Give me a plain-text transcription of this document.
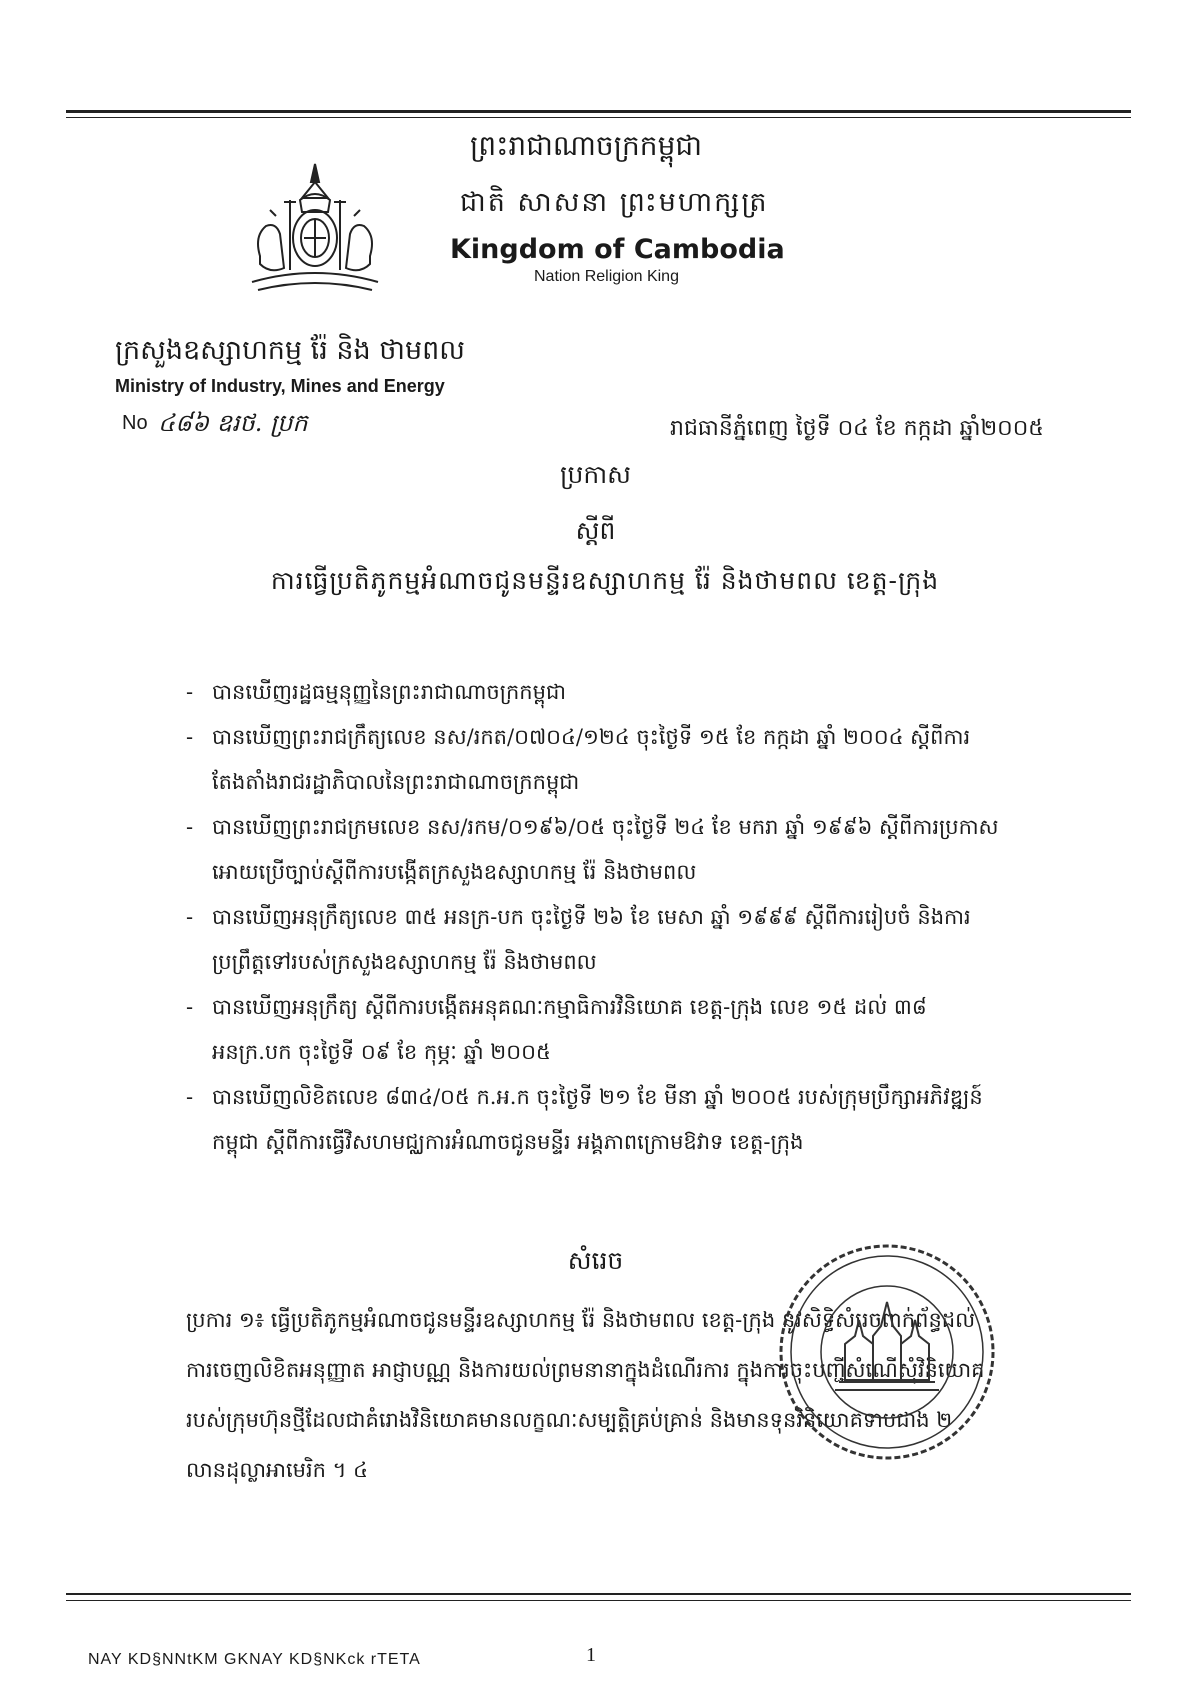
ព្រះរាជាណាចក្រកម្ពុជា
ជាតិ សាសនា ព្រះមហាក្សត្រ
Kingdom of Cambodia
Nation Religion King
ក្រសួងឧស្សាហកម្ម រ៉ែ និង ថាមពល
Ministry of Industry, Mines and Energy
No ៤៨៦ ឧរថ. ប្រក	រាជធានីភ្នំពេញ ថ្ងៃទី ០៤ ខែ កក្កដា ឆ្នាំ២០០៥
ប្រកាស
ស្តីពី
ការធ្វើប្រតិភូកម្មអំណាចជូនមន្ទីរឧស្សាហកម្ម រ៉ែ និងថាមពល ខេត្ត-ក្រុង
- បានឃើញរដ្ឋធម្មនុញ្ញនៃព្រះរាជាណាចក្រកម្ពុជា
- បានឃើញព្រះរាជក្រឹត្យលេខ នស/រកត/០៧០៤/១២៤ ចុះថ្ងៃទី ១៥ ខែ កក្កដា ឆ្នាំ ២០០៤ ស្តីពីការតែងតាំងរាជរដ្ឋាភិបាលនៃព្រះរាជាណាចក្រកម្ពុជា
- បានឃើញព្រះរាជក្រមលេខ នស/រកម/០១៩៦/០៥ ចុះថ្ងៃទី ២៤ ខែ មករា ឆ្នាំ ១៩៩៦ ស្តីពីការប្រកាសអោយប្រើច្បាប់ស្តីពីការបង្កើតក្រសួងឧស្សាហកម្ម រ៉ែ និងថាមពល
- បានឃើញអនុក្រឹត្យលេខ ៣៥ អនក្រ-បក ចុះថ្ងៃទី ២៦ ខែ មេសា ឆ្នាំ ១៩៩៩ ស្តីពីការរៀបចំ និងការប្រព្រឹត្តទៅរបស់ក្រសួងឧស្សាហកម្ម រ៉ែ និងថាមពល
- បានឃើញអនុក្រឹត្យ ស្តីពីការបង្កើតអនុគណៈកម្មាធិការវិនិយោគ ខេត្ត-ក្រុង លេខ ១៥ ដល់ ៣៨ អនក្រ.បក ចុះថ្ងៃទី ០៩ ខែ កុម្ភៈ ឆ្នាំ ២០០៥
- បានឃើញលិខិតលេខ ៨៣៤/០៥ ក.អ.ក ចុះថ្ងៃទី ២១ ខែ មីនា ឆ្នាំ ២០០៥ របស់ក្រុមប្រឹក្សាអភិវឌ្ឍន៍កម្ពុជា ស្តីពីការធ្វើវិសហមជ្ឈការអំណាចជូនមន្ទីរ អង្គភាពក្រោមឱវាទ ខេត្ត-ក្រុង
សំរេច
ប្រការ ១៖ ធ្វើប្រតិភូកម្មអំណាចជូនមន្ទីរឧស្សាហកម្ម រ៉ែ និងថាមពល ខេត្ត-ក្រុង នូវសិទ្ធិសំរេចពាក់ព័ន្ធដល់ការចេញលិខិតអនុញ្ញាត អាជ្ញាបណ្ណ និងការយល់ព្រមនានាក្នុងដំណើរការ ក្នុងការចុះបញ្ជីសំណើសុំវិនិយោគរបស់ក្រុមហ៊ុនថ្មីដែលជាគំរោងវិនិយោគមានលក្ខណៈសម្បត្តិគ្រប់គ្រាន់ និងមានទុនវិនិយោគទាបជាង ២ លានដុល្លាអាមេរិក ។ ៤
NAY KD§NNtKM GKNAY KD§NKck rTETA	1
